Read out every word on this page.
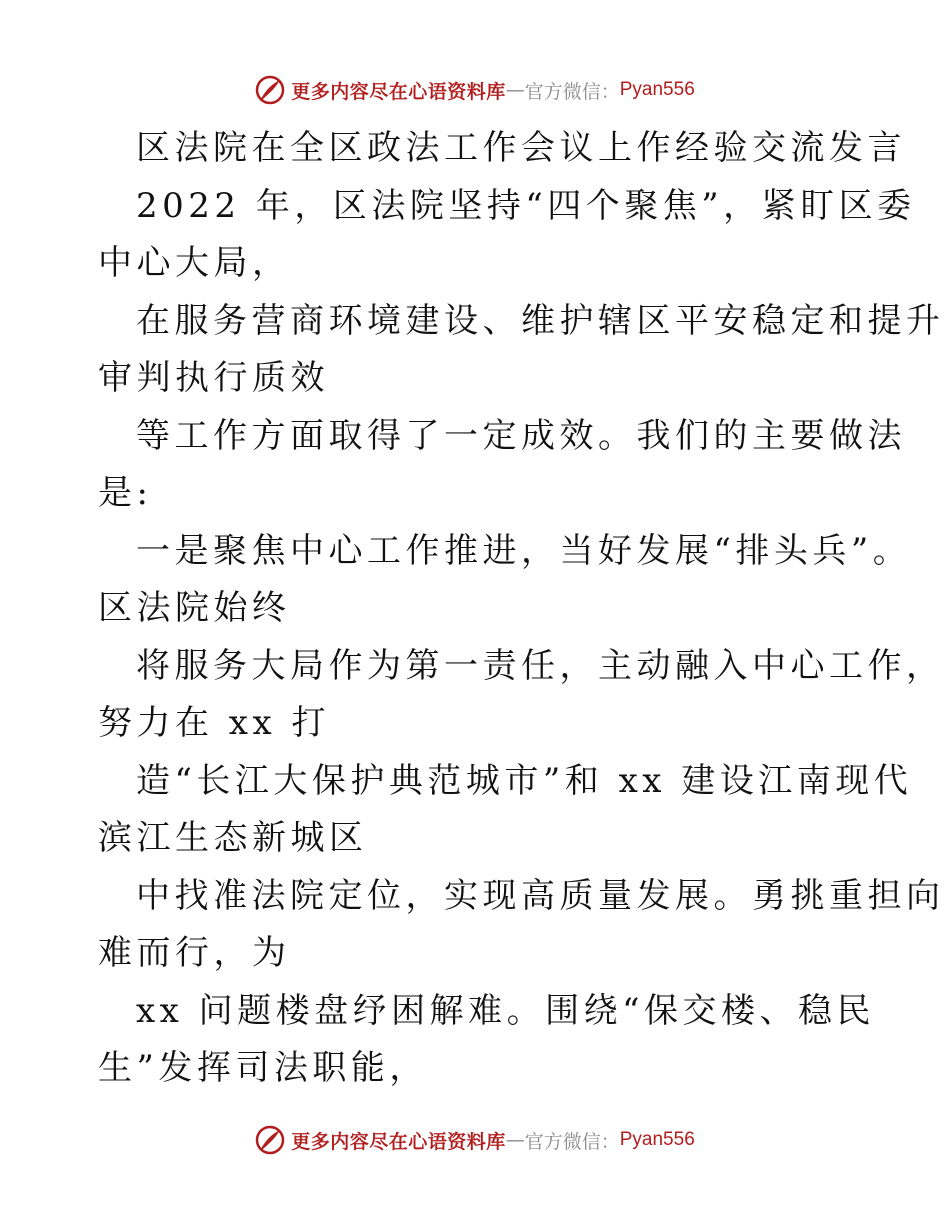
更多内容尽在心语资料库 — 官方微信： Pyan556
区法院在全区政法工作会议上作经验交流发言
2022 年，区法院坚持“四个聚焦”，紧盯区委
中心大局，
在服务营商环境建设、维护辖区平安稳定和提升
审判执行质效
等工作方面取得了一定成效。我们的主要做法
是:
一是聚焦中心工作推进，当好发展“排头兵”。
区法院始终
将服务大局作为第一责任，主动融入中心工作，
努力在 xx 打
造“长江大保护典范城市”和 xx 建设江南现代
滨江生态新城区
中找准法院定位，实现高质量发展。勇挑重担向
难而行，为
xx 问题楼盘纾困解难。围绕“保交楼、稳民
生”发挥司法职能，
更多内容尽在心语资料库 — 官方微信： Pyan556
